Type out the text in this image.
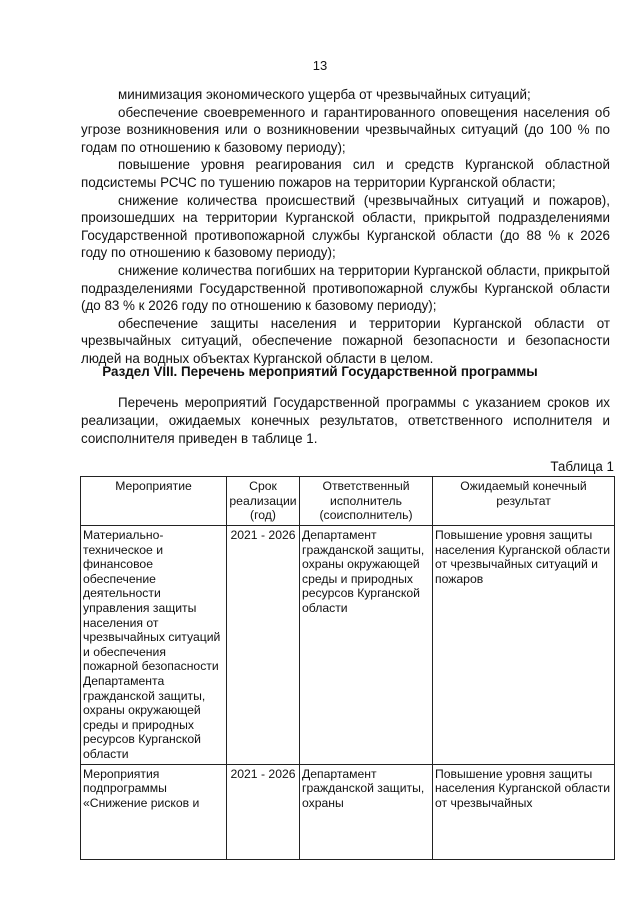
13

минимизация экономического ущерба от чрезвычайных ситуаций;

обеспечение своевременного и гарантированного оповещения населения об угрозе возникновения или о возникновении чрезвычайных ситуаций (до 100 % по годам по отношению к базовому периоду);

повышение уровня реагирования сил и средств Курганской областной подсистемы РСЧС по тушению пожаров на территории Курганской области;

снижение количества происшествий (чрезвычайных ситуаций и пожаров), произошедших на территории Курганской области, прикрытой подразделениями Государственной противопожарной службы Курганской области (до 88 % к 2026 году по отношению к базовому периоду);

снижение количества погибших на территории Курганской области, прикрытой подразделениями Государственной противопожарной службы Курганской области (до 83 % к 2026 году по отношению к базовому периоду);

обеспечение защиты населения и территории Курганской области от чрезвычайных ситуаций, обеспечение пожарной безопасности и безопасности людей на водных объектах Курганской области в целом.

Раздел VIII. Перечень мероприятий Государственной программы

Перечень мероприятий Государственной программы с указанием сроков их реализации, ожидаемых конечных результатов, ответственного исполнителя и соисполнителя приведен в таблице 1.

Таблица 1
Мероприятие	Срок реализации (год)	Ответственный исполнитель (соисполнитель)	Ожидаемый конечный результат
Материально-техническое и финансовое обеспечение деятельности управления защиты населения от чрезвычайных ситуаций и обеспечения пожарной безопасности Департамента гражданской защиты, охраны окружающей среды и природных ресурсов Курганской области	2021 - 2026	Департамент гражданской защиты, охраны окружающей среды и природных ресурсов Курганской области	Повышение уровня защиты населения Курганской области от чрезвычайных ситуаций и пожаров

Мероприятия подпрограммы «Снижение рисков и	2021 - 2026	Департамент гражданской защиты, охраны	Повышение уровня защиты населения Курганской области от чрезвычайных
